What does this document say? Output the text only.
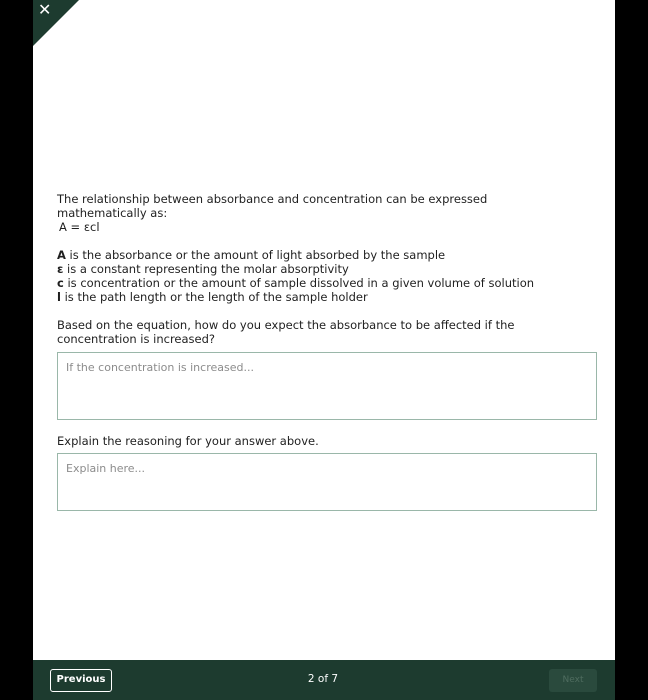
✕

The relationship between absorbance and concentration can be expressed

mathematically as:

A = εcl

A is the absorbance or the amount of light absorbed by the sample

ε is a constant representing the molar absorptivity

c is concentration or the amount of sample dissolved in a given volume of solution

l is the path length or the length of the sample holder

Based on the equation, how do you expect the absorbance to be affected if the

concentration is increased?

If the concentration is increased...

Explain the reasoning for your answer above.

Explain here...
Previous	2 of 7	Next
